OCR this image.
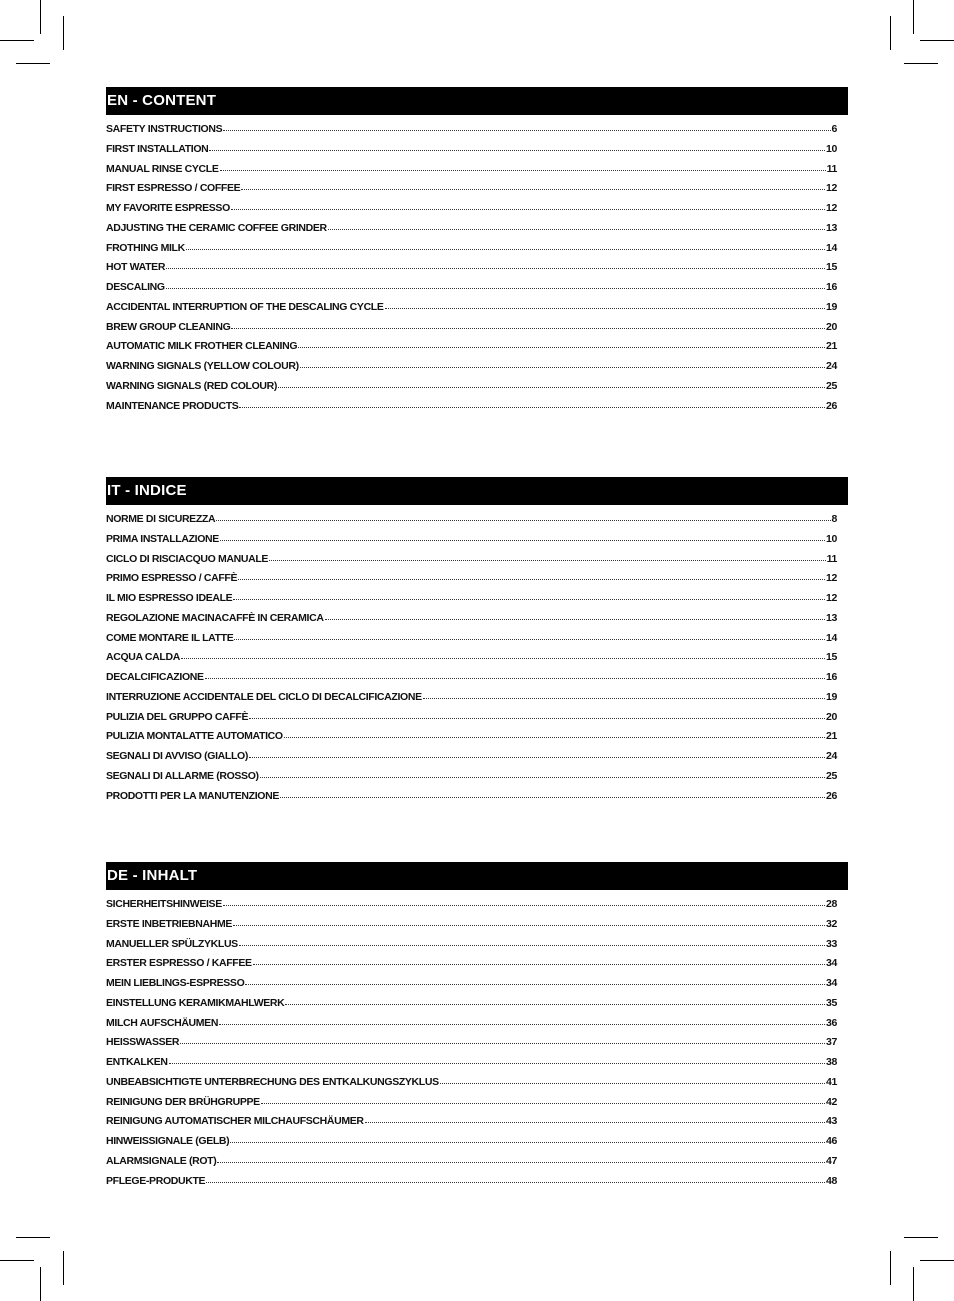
EN - CONTENT
SAFETY INSTRUCTIONS	6
FIRST INSTALLATION	10
MANUAL RINSE CYCLE	11
FIRST ESPRESSO / COFFEE	12
MY FAVORITE ESPRESSO	12
ADJUSTING THE CERAMIC COFFEE GRINDER	13
FROTHING MILK	14
HOT WATER	15
DESCALING	16
ACCIDENTAL INTERRUPTION OF THE DESCALING CYCLE	19
BREW GROUP CLEANING	20
AUTOMATIC MILK FROTHER CLEANING	21
WARNING SIGNALS (YELLOW COLOUR)	24
WARNING SIGNALS (RED COLOUR)	25
MAINTENANCE PRODUCTS	26
IT - INDICE
NORME DI SICUREZZA	8
PRIMA INSTALLAZIONE	10
CICLO DI RISCIACQUO MANUALE	11
PRIMO ESPRESSO / CAFFÈ	12
IL MIO ESPRESSO IDEALE	12
REGOLAZIONE MACINACAFFÈ IN CERAMICA	13
COME MONTARE IL LATTE	14
ACQUA CALDA	15
DECALCIFICAZIONE	16
INTERRUZIONE ACCIDENTALE DEL CICLO DI DECALCIFICAZIONE	19
PULIZIA DEL GRUPPO CAFFÈ	20
PULIZIA MONTALATTE AUTOMATICO	21
SEGNALI DI AVVISO (GIALLO)	24
SEGNALI DI ALLARME (ROSSO)	25
PRODOTTI PER LA MANUTENZIONE	26
DE - INHALT
SICHERHEITSHINWEISE	28
ERSTE INBETRIEBNAHME	32
MANUELLER SPÜLZYKLUS	33
ERSTER ESPRESSO / KAFFEE	34
MEIN LIEBLINGS-ESPRESSO	34
EINSTELLUNG KERAMIKMAHLWERK	35
MILCH AUFSCHÄUMEN	36
HEISSWASSER	37
ENTKALKEN	38
UNBEABSICHTIGTE UNTERBRECHUNG DES ENTKALKUNGSZYKLUS	41
REINIGUNG DER BRÜHGRUPPE	42
REINIGUNG AUTOMATISCHER MILCHAUFSCHÄUMER	43
HINWEISSIGNALE (GELB)	46
ALARMSIGNALE (ROT)	47
PFLEGE-PRODUKTE	48
